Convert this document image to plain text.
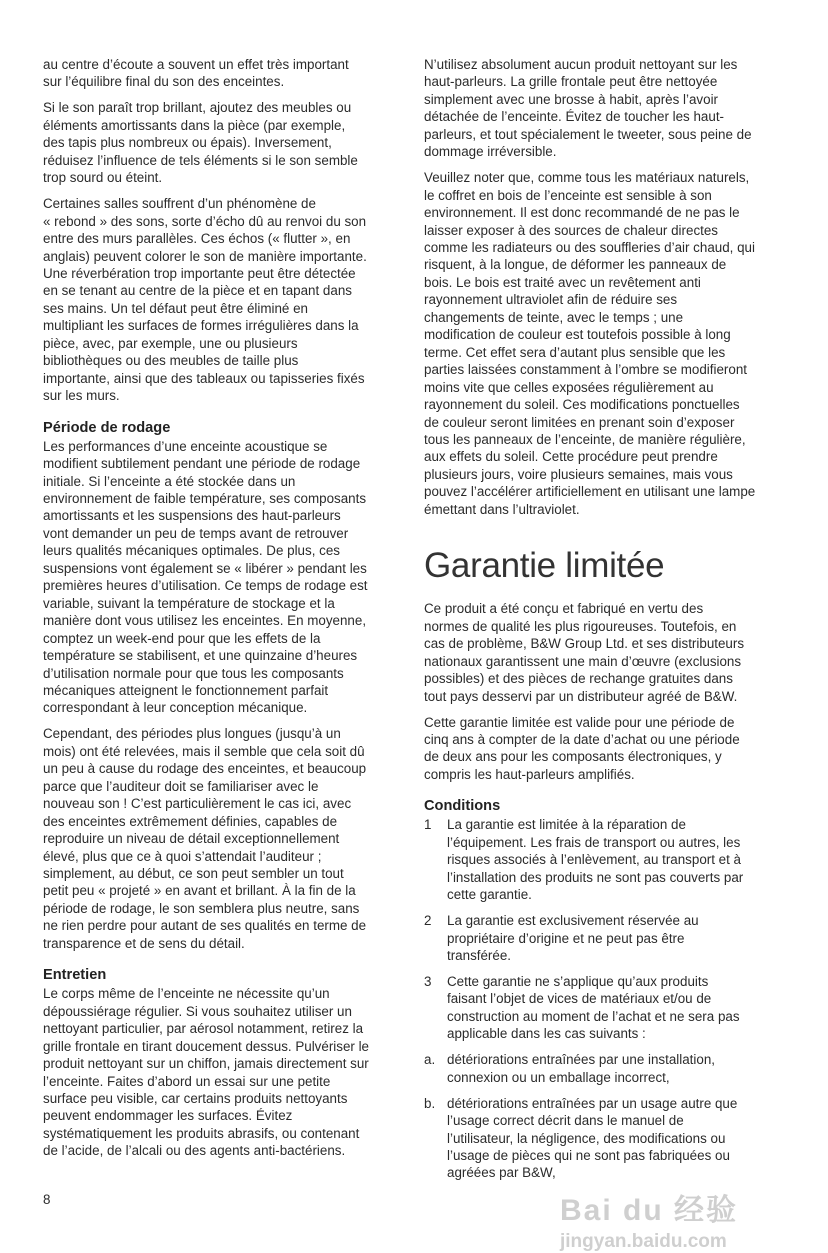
au centre d’écoute a souvent un effet très important
sur l’équilibre final du son des enceintes.

Si le son paraît trop brillant, ajoutez des meubles ou
éléments amortissants dans la pièce (par exemple,
des tapis plus nombreux ou épais). Inversement,
réduisez l’influence de tels éléments si le son semble
trop sourd ou éteint.

Certaines salles souffrent d’un phénomène de
« rebond » des sons, sorte d’écho dû au renvoi du son
entre des murs parallèles. Ces échos (« flutter », en
anglais) peuvent colorer le son de manière importante.
Une réverbération trop importante peut être détectée
en se tenant au centre de la pièce et en tapant dans
ses mains. Un tel défaut peut être éliminé en
multipliant les surfaces de formes irrégulières dans la
pièce, avec, par exemple, une ou plusieurs
bibliothèques ou des meubles de taille plus
importante, ainsi que des tableaux ou tapisseries fixés
sur les murs.

Période de rodage

Les performances d’une enceinte acoustique se
modifient subtilement pendant une période de rodage
initiale. Si l’enceinte a été stockée dans un
environnement de faible température, ses composants
amortissants et les suspensions des haut-parleurs
vont demander un peu de temps avant de retrouver
leurs qualités mécaniques optimales. De plus, ces
suspensions vont également se « libérer » pendant les
premières heures d’utilisation. Ce temps de rodage est
variable, suivant la température de stockage et la
manière dont vous utilisez les enceintes. En moyenne,
comptez un week-end pour que les effets de la
température se stabilisent, et une quinzaine d’heures
d’utilisation normale pour que tous les composants
mécaniques atteignent le fonctionnement parfait
correspondant à leur conception mécanique.

Cependant, des périodes plus longues (jusqu’à un
mois) ont été relevées, mais il semble que cela soit dû
un peu à cause du rodage des enceintes, et beaucoup
parce que l’auditeur doit se familiariser avec le
nouveau son ! C’est particulièrement le cas ici, avec
des enceintes extrêmement définies, capables de
reproduire un niveau de détail exceptionnellement
élevé, plus que ce à quoi s’attendait l’auditeur ;
simplement, au début, ce son peut sembler un tout
petit peu « projeté » en avant et brillant. À la fin de la
période de rodage, le son semblera plus neutre, sans
ne rien perdre pour autant de ses qualités en terme de
transparence et de sens du détail.

Entretien

Le corps même de l’enceinte ne nécessite qu’un
dépoussiérage régulier. Si vous souhaitez utiliser un
nettoyant particulier, par aérosol notamment, retirez la
grille frontale en tirant doucement dessus. Pulvériser le
produit nettoyant sur un chiffon, jamais directement sur
l’enceinte. Faites d’abord un essai sur une petite
surface peu visible, car certains produits nettoyants
peuvent endommager les surfaces. Évitez
systématiquement les produits abrasifs, ou contenant
de l’acide, de l’alcali ou des agents anti-bactériens.

N’utilisez absolument aucun produit nettoyant sur les
haut-parleurs. La grille frontale peut être nettoyée
simplement avec une brosse à habit, après l’avoir
détachée de l’enceinte. Évitez de toucher les haut-
parleurs, et tout spécialement le tweeter, sous peine de
dommage irréversible.

Veuillez noter que, comme tous les matériaux naturels,
le coffret en bois de l’enceinte est sensible à son
environnement. Il est donc recommandé de ne pas le
laisser exposer à des sources de chaleur directes
comme les radiateurs ou des souffleries d’air chaud, qui
risquent, à la longue, de déformer les panneaux de
bois. Le bois est traité avec un revêtement anti
rayonnement ultraviolet afin de réduire ses
changements de teinte, avec le temps ; une
modification de couleur est toutefois possible à long
terme. Cet effet sera d’autant plus sensible que les
parties laissées constamment à l’ombre se modifieront
moins vite que celles exposées régulièrement au
rayonnement du soleil. Ces modifications ponctuelles
de couleur seront limitées en prenant soin d’exposer
tous les panneaux de l’enceinte, de manière régulière,
aux effets du soleil. Cette procédure peut prendre
plusieurs jours, voire plusieurs semaines, mais vous
pouvez l’accélérer artificiellement en utilisant une lampe
émettant dans l’ultraviolet.

Garantie limitée

Ce produit a été conçu et fabriqué en vertu des
normes de qualité les plus rigoureuses. Toutefois, en
cas de problème, B&W Group Ltd. et ses distributeurs
nationaux garantissent une main d’œuvre (exclusions
possibles) et des pièces de rechange gratuites dans
tout pays desservi par un distributeur agréé de B&W.

Cette garantie limitée est valide pour une période de
cinq ans à compter de la date d’achat ou une période
de deux ans pour les composants électroniques, y
compris les haut-parleurs amplifiés.

Conditions
1	La garantie est limitée à la réparation de
l’équipement. Les frais de transport ou autres, les
risques associés à l’enlèvement, au transport et à
l’installation des produits ne sont pas couverts par
cette garantie.
2	La garantie est exclusivement réservée au
propriétaire d’origine et ne peut pas être
transférée.
3	Cette garantie ne s’applique qu’aux produits
faisant l’objet de vices de matériaux et/ou de
construction au moment de l’achat et ne sera pas
applicable dans les cas suivants :
a. détériorations entraînées par une installation,
connexion ou un emballage incorrect,
b. détériorations entraînées par un usage autre que
l’usage correct décrit dans le manuel de
l’utilisateur, la négligence, des modifications ou
l’usage de pièces qui ne sont pas fabriquées ou
agréées par B&W,
8	Bai du 经验
jingyan.baidu.com
